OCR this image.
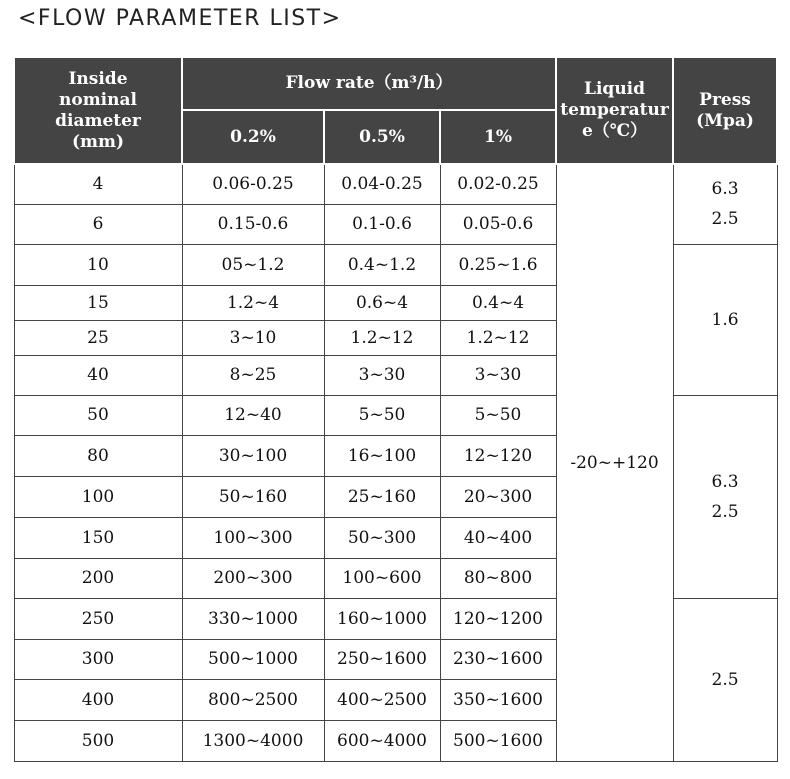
<FLOW PARAMETER LIST>
Inside
nominal
diameter
(mm)	Flow rate（m³/h）			Liquid
temperatur
e（℃）	Press
(Mpa)

	0.2%	0.5%	1%		
4	0.06-0.25	0.04-0.25	0.02-0.25	-20~+120	6.3
2.5

6	0.15-0.6	0.1-0.6	0.05-0.6		
10	05~1.2	0.4~1.2	0.25~1.6		1.6

15	1.2~4	0.6~4	0.4~4		
25	3~10	1.2~12	1.2~12		
40	8~25	3~30	3~30		
50	12~40	5~50	5~50		6.3
2.5

80	30~100	16~100	12~120		
100	50~160	25~160	20~300		
150	100~300	50~300	40~400		
200	200~300	100~600	80~800		
250	330~1000	160~1000	120~1200		2.5

300	500~1000	250~1600	230~1600		
400	800~2500	400~2500	350~1600		
500	1300~4000	600~4000	500~1600		
